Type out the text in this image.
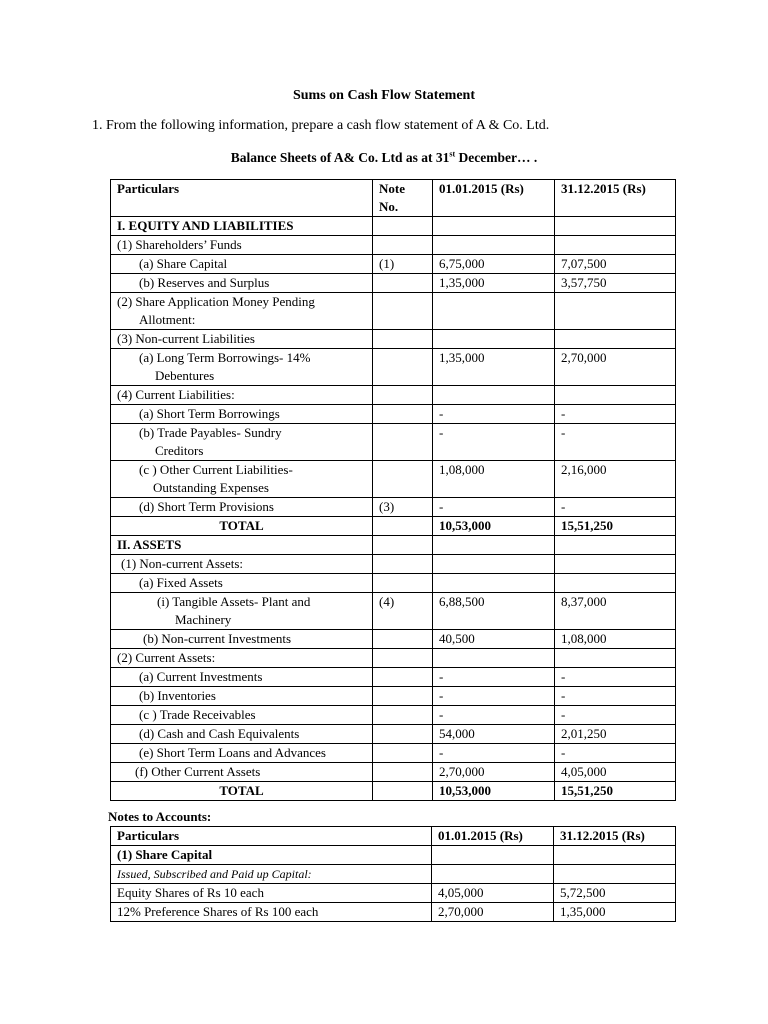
Sums on Cash Flow Statement
1. From the following information, prepare a cash flow statement of A & Co. Ltd.
Balance Sheets of A& Co. Ltd as at 31st December… .
Particulars	Note No.	01.01.2015 (Rs)	31.12.2015 (Rs)
I. EQUITY AND LIABILITIES			
(1) Shareholders’ Funds			
(a) Share Capital	(1)	6,75,000	7,07,500
(b) Reserves and Surplus		1,35,000	3,57,750
(2) Share Application Money Pending
Allotment:			

(3) Non-current Liabilities			
(a) Long Term Borrowings- 14%
Debentures		1,35,000	2,70,000
(4) Current Liabilities:			
(a) Short Term Borrowings		-	-
(b) Trade Payables- Sundry
Creditors		-	-
(c ) Other Current Liabilities-
Outstanding Expenses		1,08,000	2,16,000
(d) Short Term Provisions	(3)	-	-
TOTAL		10,53,000	15,51,250
II. ASSETS			
(1) Non-current Assets:			
(a) Fixed Assets			
(i) Tangible Assets- Plant and
Machinery	(4)	6,88,500	8,37,000
(b) Non-current Investments		40,500	1,08,000
(2) Current Assets:			
(a) Current Investments		-	-
(b) Inventories		-	-
(c ) Trade Receivables		-	-
(d) Cash and Cash Equivalents		54,000	2,01,250
(e) Short Term Loans and Advances		-	-
(f) Other Current Assets		2,70,000	4,05,000
TOTAL		10,53,000	15,51,250
Notes to Accounts:
Particulars	01.01.2015 (Rs)	31.12.2015 (Rs)
(1) Share Capital		
Issued, Subscribed and Paid up Capital:		
Equity Shares of Rs 10 each	4,05,000	5,72,500
12% Preference Shares of Rs 100 each	2,70,000	1,35,000
